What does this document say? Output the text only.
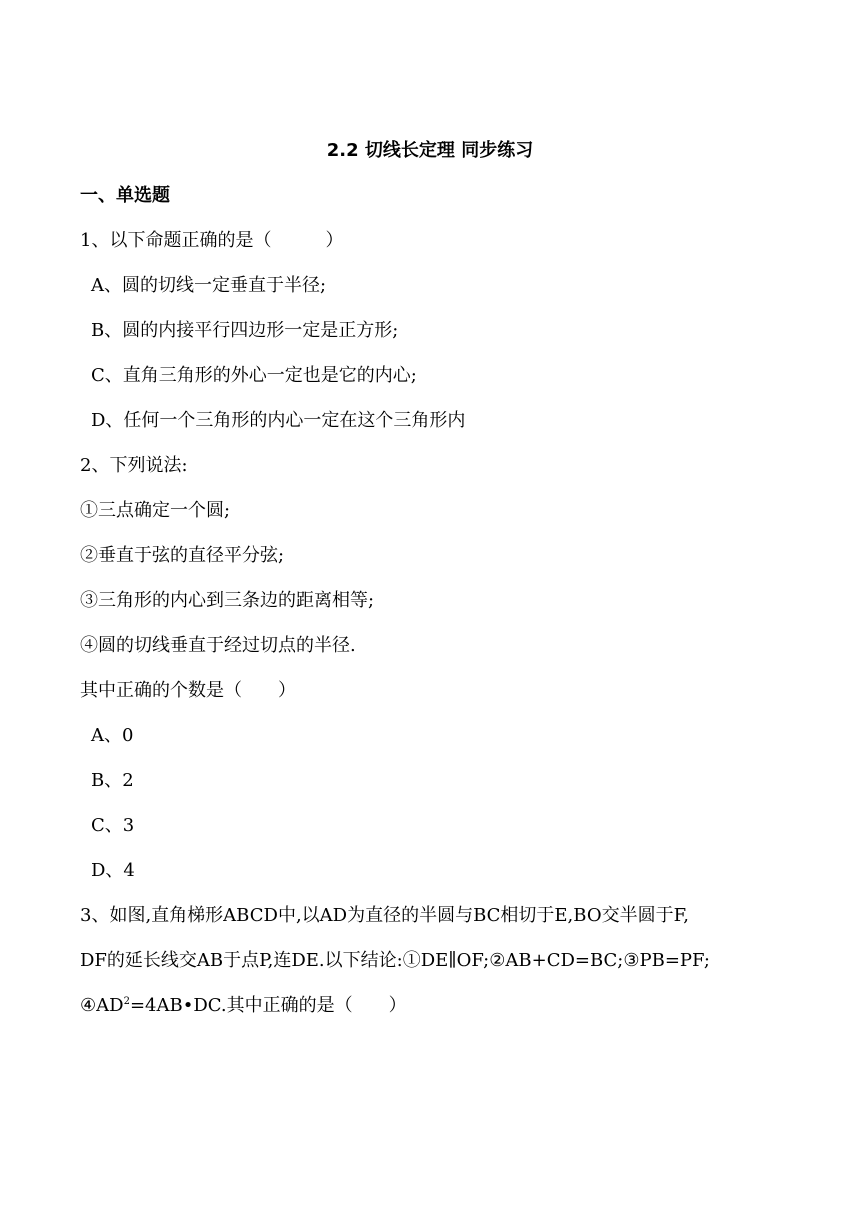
2.2 切线长定理 同步练习
一、单选题
1、以下命题正确的是（　　　）
A、圆的切线一定垂直于半径;
B、圆的内接平行四边形一定是正方形;
C、直角三角形的外心一定也是它的内心;
D、任何一个三角形的内心一定在这个三角形内
2、下列说法:
①三点确定一个圆;
②垂直于弦的直径平分弦;
③三角形的内心到三条边的距离相等;
④圆的切线垂直于经过切点的半径.
其中正确的个数是（　　）
A、0
B、2
C、3
D、4
3、如图,直角梯形ABCD中,以AD为直径的半圆与BC相切于E,BO交半圆于F,
DF的延长线交AB于点P,连DE.以下结论:①DE∥OF;②AB+CD=BC;③PB=PF;
$④AD^2=4AB•DC$.其中正确的是（　　）
